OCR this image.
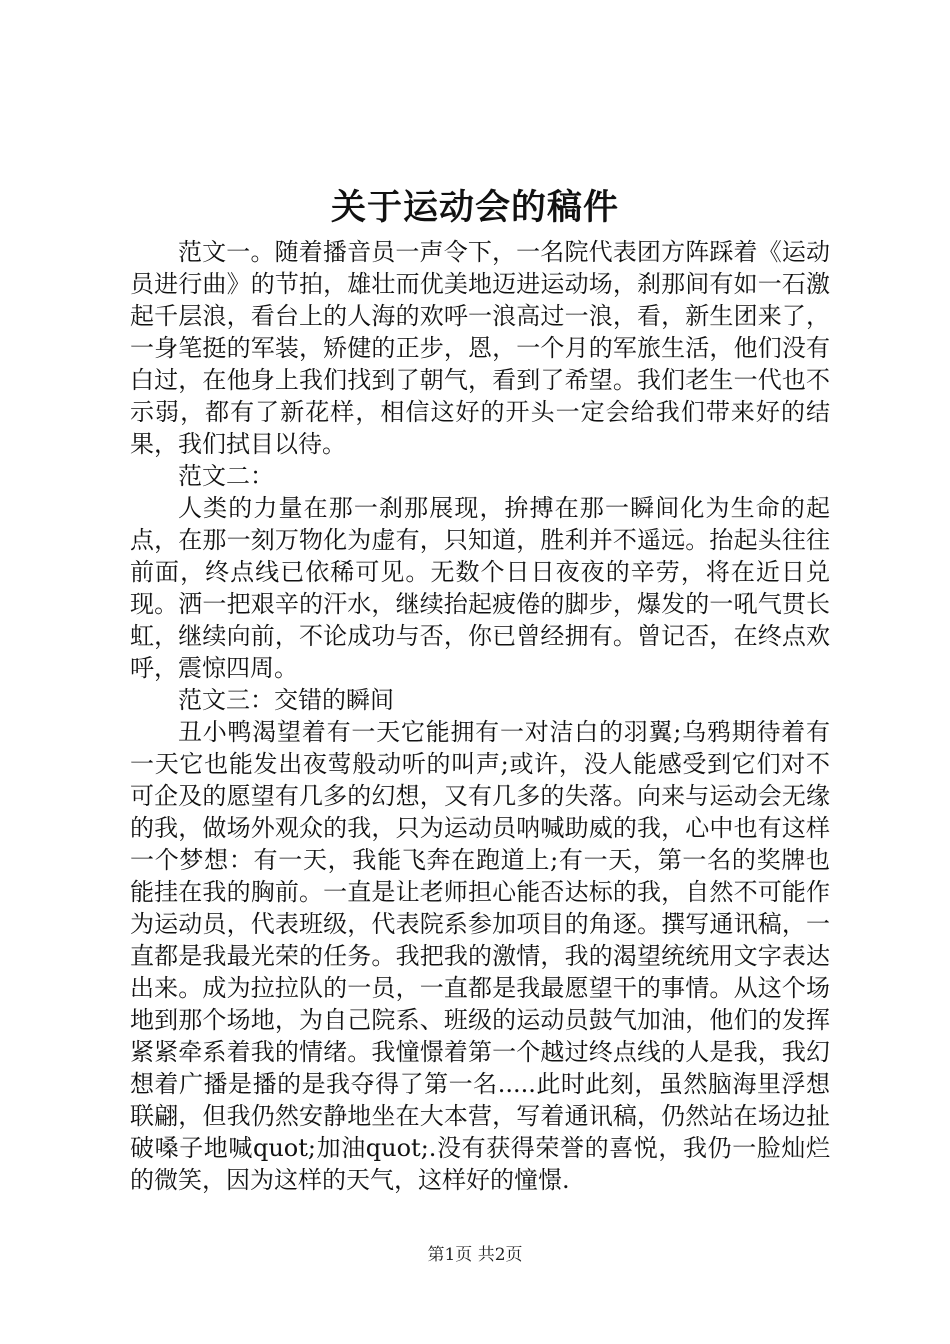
关于运动会的稿件

范文一。随着播音员一声令下，一名院代表团方阵踩着《运动员进行曲》的节拍，雄壮而优美地迈进运动场，刹那间有如一石激起千层浪，看台上的人海的欢呼一浪高过一浪，看，新生团来了，一身笔挺的军装，矫健的正步，恩，一个月的军旅生活，他们没有白过，在他身上我们找到了朝气，看到了希望。我们老生一代也不示弱，都有了新花样，相信这好的开头一定会给我们带来好的结果，我们拭目以待。

范文二：

人类的力量在那一刹那展现，拚搏在那一瞬间化为生命的起点，在那一刻万物化为虚有，只知道，胜利并不遥远。抬起头往往前面，终点线已依稀可见。无数个日日夜夜的辛劳，将在近日兑现。洒一把艰辛的汗水，继续抬起疲倦的脚步，爆发的一吼气贯长虹，继续向前，不论成功与否，你已曾经拥有。曾记否，在终点欢呼，震惊四周。

范文三：交错的瞬间

丑小鸭渴望着有一天它能拥有一对洁白的羽翼;乌鸦期待着有一天它也能发出夜莺般动听的叫声;或许，没人能感受到它们对不可企及的愿望有几多的幻想，又有几多的失落。向来与运动会无缘的我，做场外观众的我，只为运动员呐喊助威的我，心中也有这样一个梦想：有一天，我能飞奔在跑道上;有一天，第一名的奖牌也能挂在我的胸前。一直是让老师担心能否达标的我，自然不可能作为运动员，代表班级，代表院系参加项目的角逐。撰写通讯稿，一直都是我最光荣的任务。我把我的激情，我的渴望统统用文字表达出来。成为拉拉队的一员，一直都是我最愿望干的事情。从这个场地到那个场地，为自己院系、班级的运动员鼓气加油，他们的发挥紧紧牵系着我的情绪。我憧憬着第一个越过终点线的人是我，我幻想着广播是播的是我夺得了第一名.....此时此刻，虽然脑海里浮想联翩，但我仍然安静地坐在大本营，写着通讯稿，仍然站在场边扯破嗓子地喊quot;加油quot;.没有获得荣誉的喜悦，我仍一脸灿烂的微笑，因为这样的天气，这样好的憧憬.

第1页 共2页
